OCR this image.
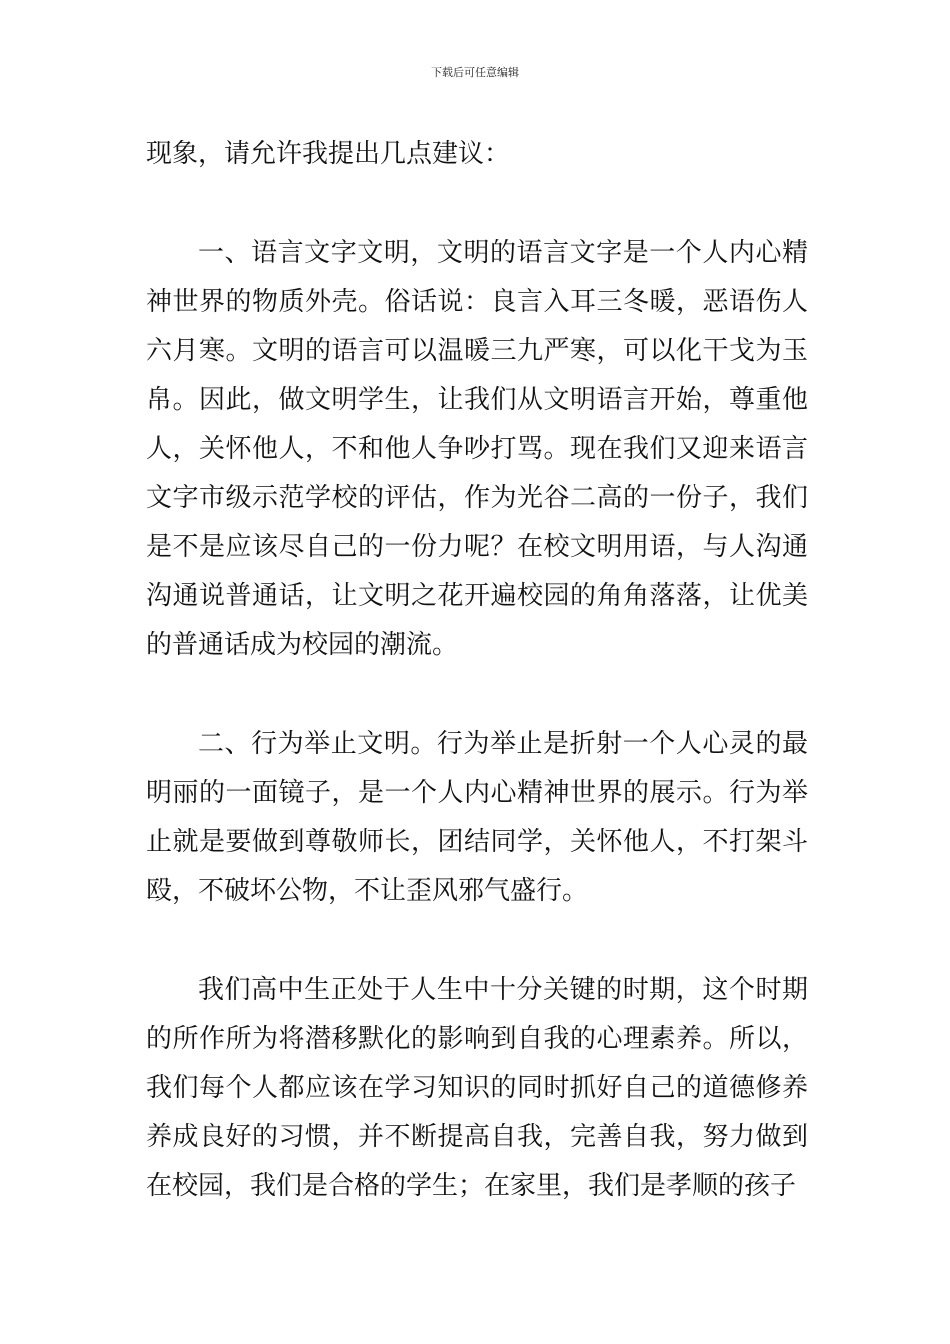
下载后可任意编辑

现象，请允许我提出几点建议：

一、语言文字文明，文明的语言文字是一个人内心精神世界的物质外壳。俗话说：良言入耳三冬暖，恶语伤人六月寒。文明的语言可以温暖三九严寒，可以化干戈为玉帛。因此，做文明学生，让我们从文明语言开始，尊重他人，关怀他人，不和他人争吵打骂。现在我们又迎来语言文字市级示范学校的评估，作为光谷二高的一份子，我们是不是应该尽自己的一份力呢？在校文明用语，与人沟通沟通说普通话，让文明之花开遍校园的角角落落，让优美的普通话成为校园的潮流。

二、行为举止文明。行为举止是折射一个人心灵的最明丽的一面镜子，是一个人内心精神世界的展示。行为举止就是要做到尊敬师长，团结同学，关怀他人，不打架斗殴，不破坏公物，不让歪风邪气盛行。

我们高中生正处于人生中十分关键的时期，这个时期的所作所为将潜移默化的影响到自我的心理素养。所以，我们每个人都应该在学习知识的同时抓好自己的道德修养养成良好的习惯，并不断提高自我，完善自我，努力做到在校园，我们是合格的学生；在家里，我们是孝顺的孩子
